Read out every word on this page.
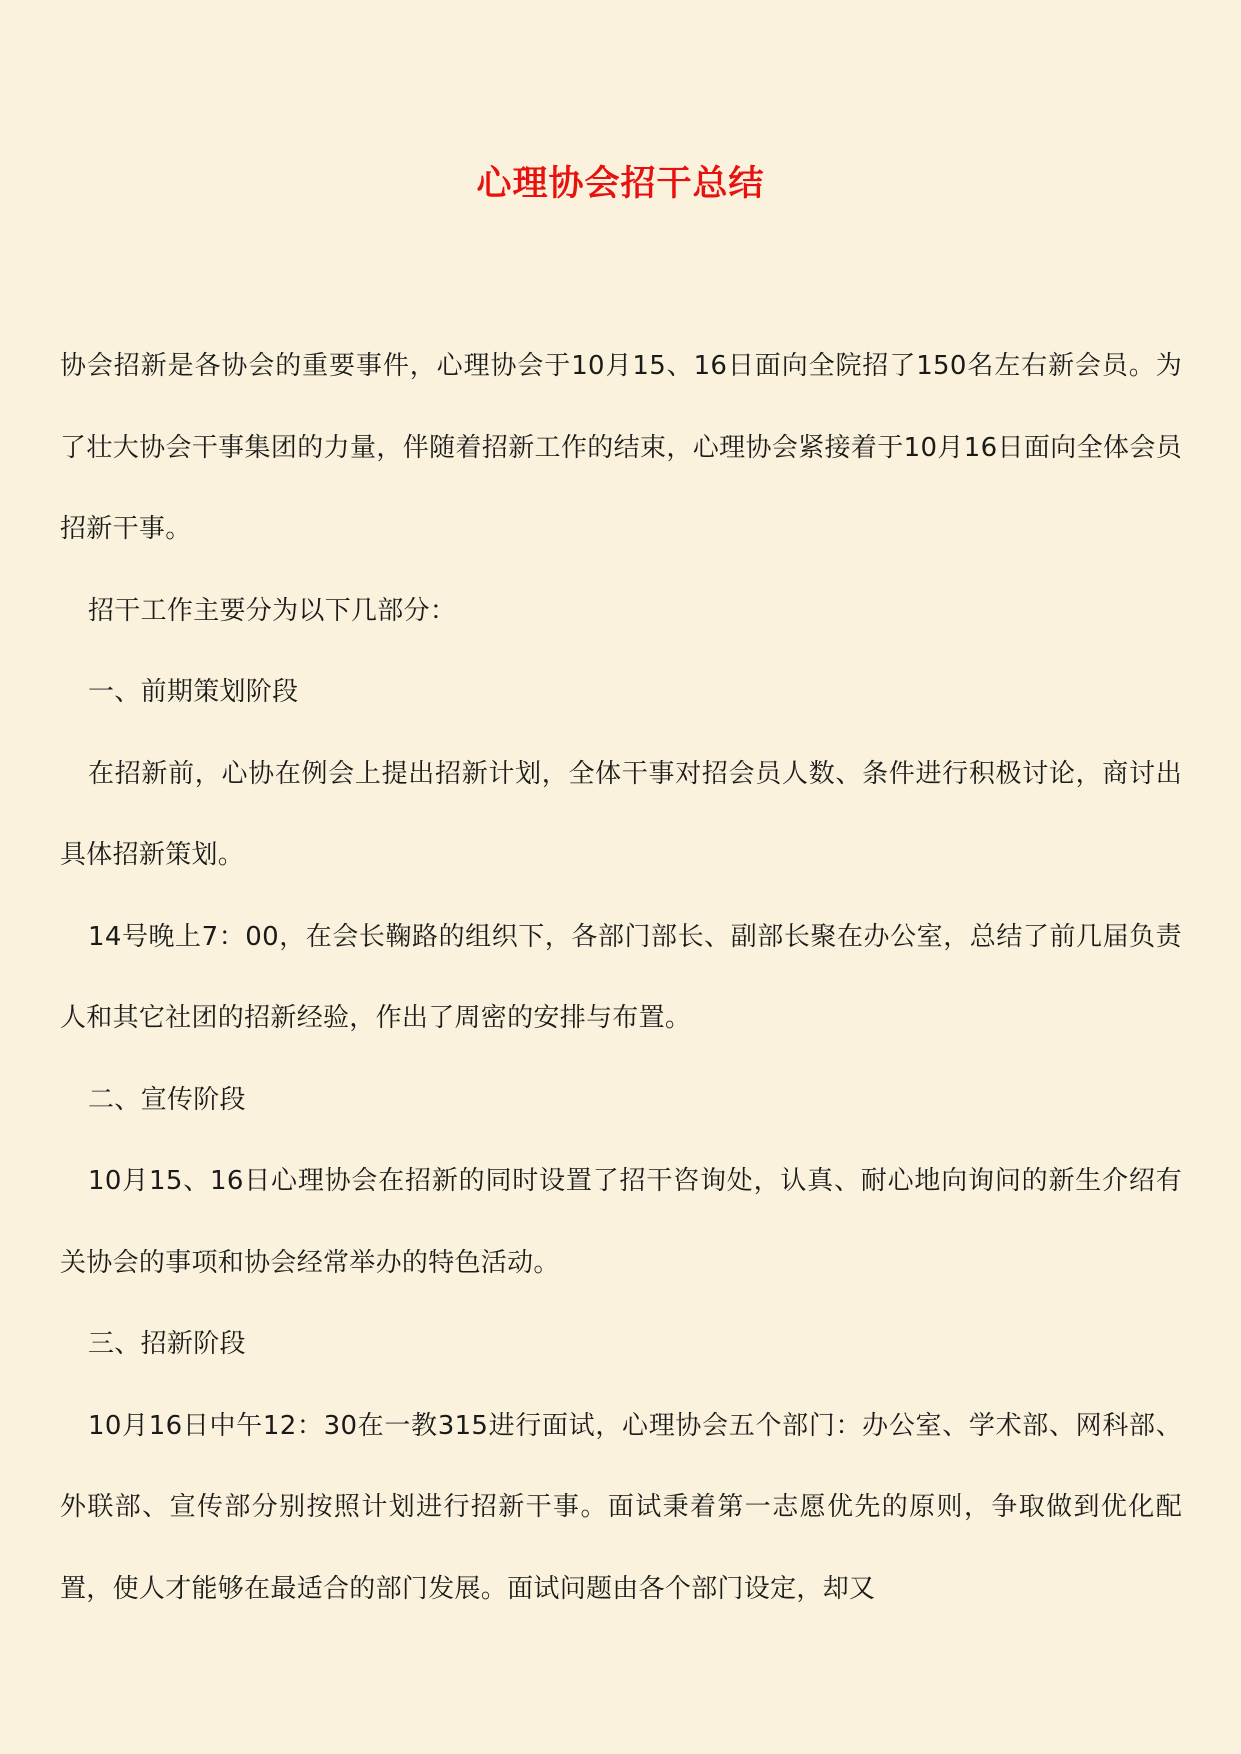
心理协会招干总结

协会招新是各协会的重要事件，心理协会于10月15、16日面向全院招了150名左右新会员。为了壮大协会干事集团的力量，伴随着招新工作的结束，心理协会紧接着于10月16日面向全体会员招新干事。

招干工作主要分为以下几部分：

一、前期策划阶段

在招新前，心协在例会上提出招新计划，全体干事对招会员人数、条件进行积极讨论，商讨出具体招新策划。

14号晚上7：00，在会长鞠路的组织下，各部门部长、副部长聚在办公室，总结了前几届负责人和其它社团的招新经验，作出了周密的安排与布置。

二、宣传阶段

10月15、16日心理协会在招新的同时设置了招干咨询处，认真、耐心地向询问的新生介绍有关协会的事项和协会经常举办的特色活动。

三、招新阶段

10月16日中午12：30在一教315进行面试，心理协会五个部门：办公室、学术部、网科部、外联部、宣传部分别按照计划进行招新干事。面试秉着第一志愿优先的原则，争取做到优化配置，使人才能够在最适合的部门发展。面试问题由各个部门设定，却又
